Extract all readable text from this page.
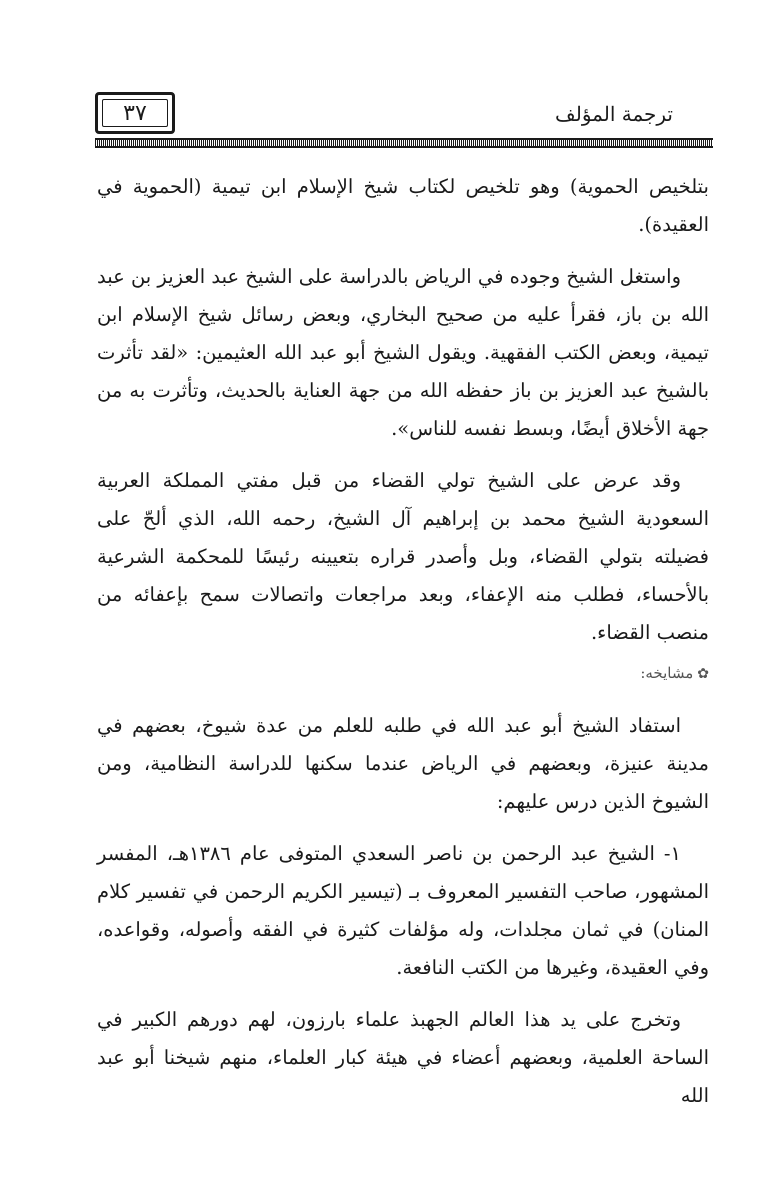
٣٧	ترجمة المؤلف

بتلخيص الحموية) وهو تلخيص لكتاب شيخ الإسلام ابن تيمية (الحموية في العقيدة).

واستغل الشيخ وجوده في الرياض بالدراسة على الشيخ عبد العزيز بن عبد الله بن باز، فقرأ عليه من صحيح البخاري، وبعض رسائل شيخ الإسلام ابن تيمية، وبعض الكتب الفقهية. ويقول الشيخ أبو عبد الله العثيمين: «لقد تأثرت بالشيخ عبد العزيز بن باز حفظه الله من جهة العناية بالحديث، وتأثرت به من جهة الأخلاق أيضًا، وبسط نفسه للناس».

وقد عرض على الشيخ تولي القضاء من قبل مفتي المملكة العربية السعودية الشيخ محمد بن إبراهيم آل الشيخ، رحمه الله، الذي ألحّ على فضيلته بتولي القضاء، وبل وأصدر قراره بتعيينه رئيسًا للمحكمة الشرعية بالأحساء، فطلب منه الإعفاء، وبعد مراجعات واتصالات سمح بإعفائه من منصب القضاء.

✿مشايخه:

استفاد الشيخ أبو عبد الله في طلبه للعلم من عدة شيوخ، بعضهم في مدينة عنيزة، وبعضهم في الرياض عندما سكنها للدراسة النظامية، ومن الشيوخ الذين درس عليهم:

١- الشيخ عبد الرحمن بن ناصر السعدي المتوفى عام ١٣٨٦هـ، المفسر المشهور، صاحب التفسير المعروف بـ (تيسير الكريم الرحمن في تفسير كلام المنان) في ثمان مجلدات، وله مؤلفات كثيرة في الفقه وأصوله، وقواعده، وفي العقيدة، وغيرها من الكتب النافعة.

وتخرج على يد هذا العالم الجهبذ علماء بارزون، لهم دورهم الكبير في الساحة العلمية، وبعضهم أعضاء في هيئة كبار العلماء، منهم شيخنا أبو عبد الله
